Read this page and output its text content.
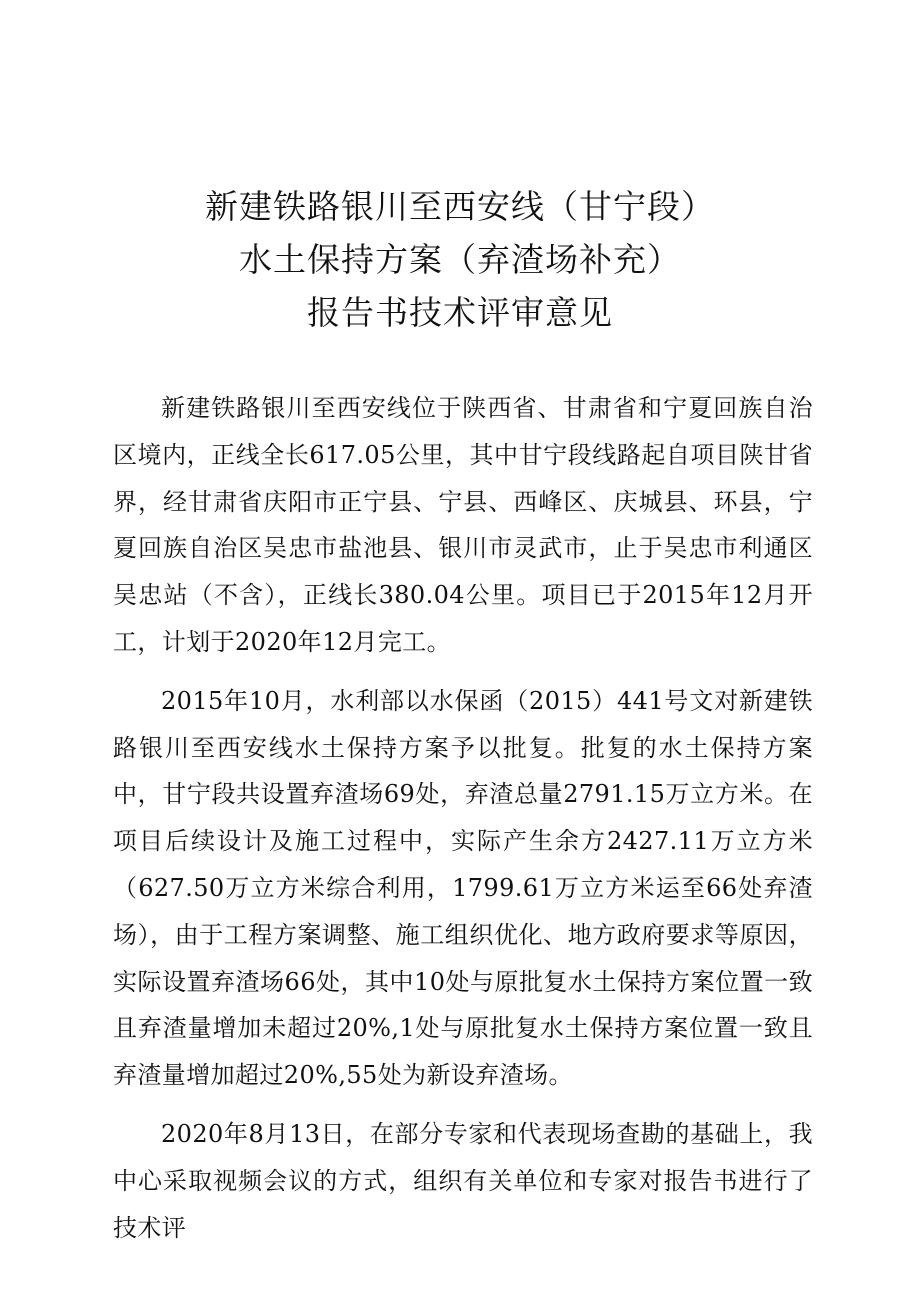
新建铁路银川至西安线（甘宁段）
水土保持方案（弃渣场补充）
报告书技术评审意见

新建铁路银川至西安线位于陕西省、甘肃省和宁夏回族自治区境内，正线全长617.05公里，其中甘宁段线路起自项目陕甘省界，经甘肃省庆阳市正宁县、宁县、西峰区、庆城县、环县，宁夏回族自治区吴忠市盐池县、银川市灵武市，止于吴忠市利通区吴忠站（不含），正线长380.04公里。项目已于2015年12月开工，计划于2020年12月完工。

2015年10月，水利部以水保函（2015）441号文对新建铁路银川至西安线水土保持方案予以批复。批复的水土保持方案中，甘宁段共设置弃渣场69处，弃渣总量2791.15万立方米。在项目后续设计及施工过程中，实际产生余方2427.11万立方米（627.50万立方米综合利用，1799.61万立方米运至66处弃渣场），由于工程方案调整、施工组织优化、地方政府要求等原因，实际设置弃渣场66处，其中10处与原批复水土保持方案位置一致且弃渣量增加未超过20%,1处与原批复水土保持方案位置一致且弃渣量增加超过20%,55处为新设弃渣场。

2020年8月13日，在部分专家和代表现场查勘的基础上，我中心采取视频会议的方式，组织有关单位和专家对报告书进行了技术评
